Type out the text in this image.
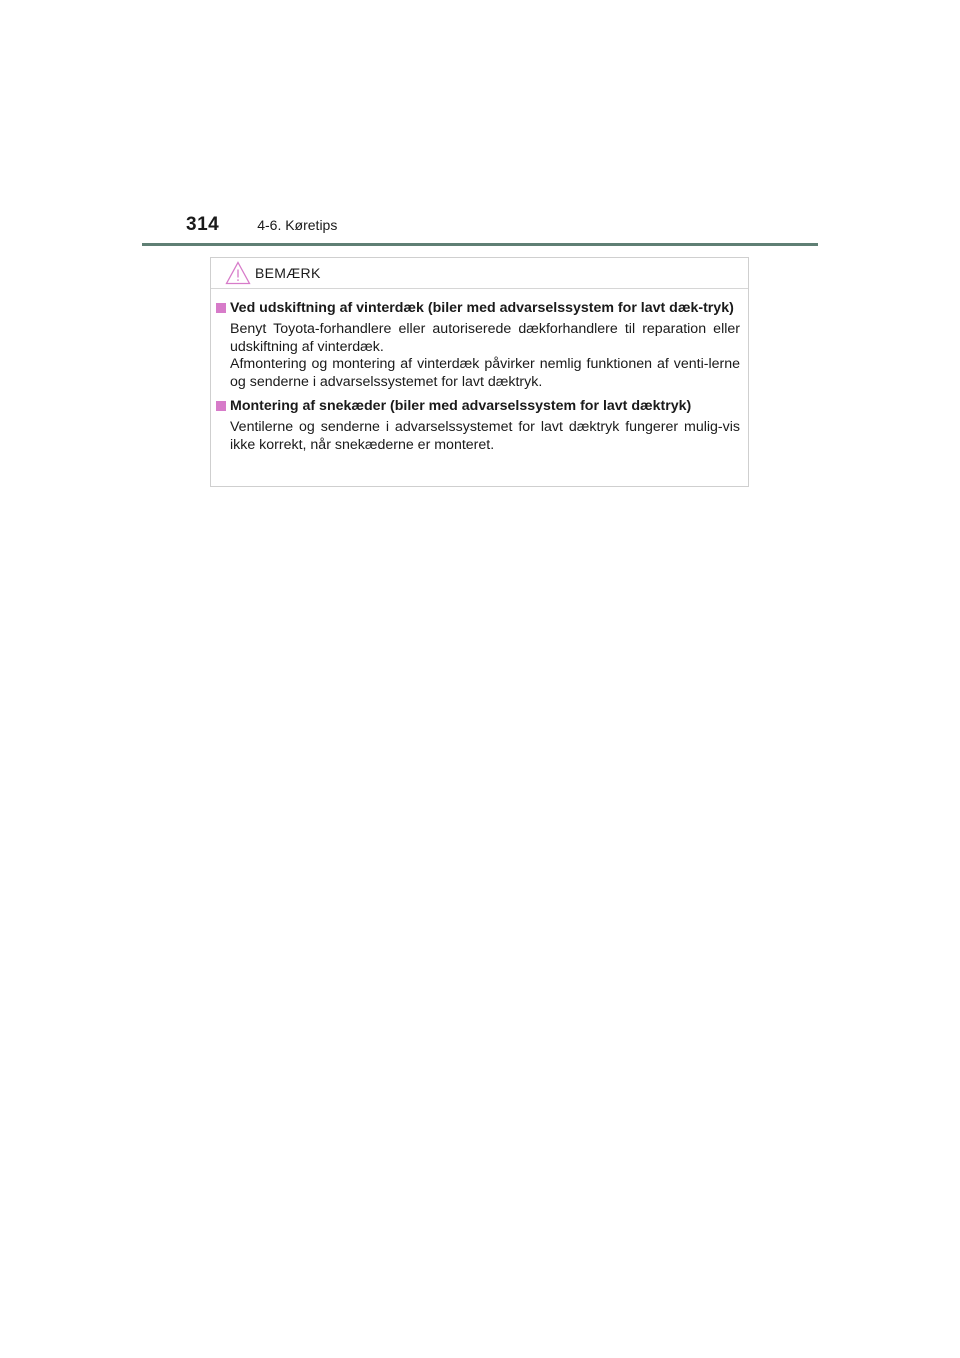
314	4-6. Køretips
BEMÆRK
Ved udskiftning af vinterdæk (biler med advarselssystem for lavt dæk-tryk)

Benyt Toyota-forhandlere eller autoriserede dækforhandlere til reparation eller udskiftning af vinterdæk.

Afmontering og montering af vinterdæk påvirker nemlig funktionen af venti-lerne og senderne i advarselssystemet for lavt dæktryk.

Montering af snekæder (biler med advarselssystem for lavt dæktryk)

Ventilerne og senderne i advarselssystemet for lavt dæktryk fungerer mulig-vis ikke korrekt, når snekæderne er monteret.
